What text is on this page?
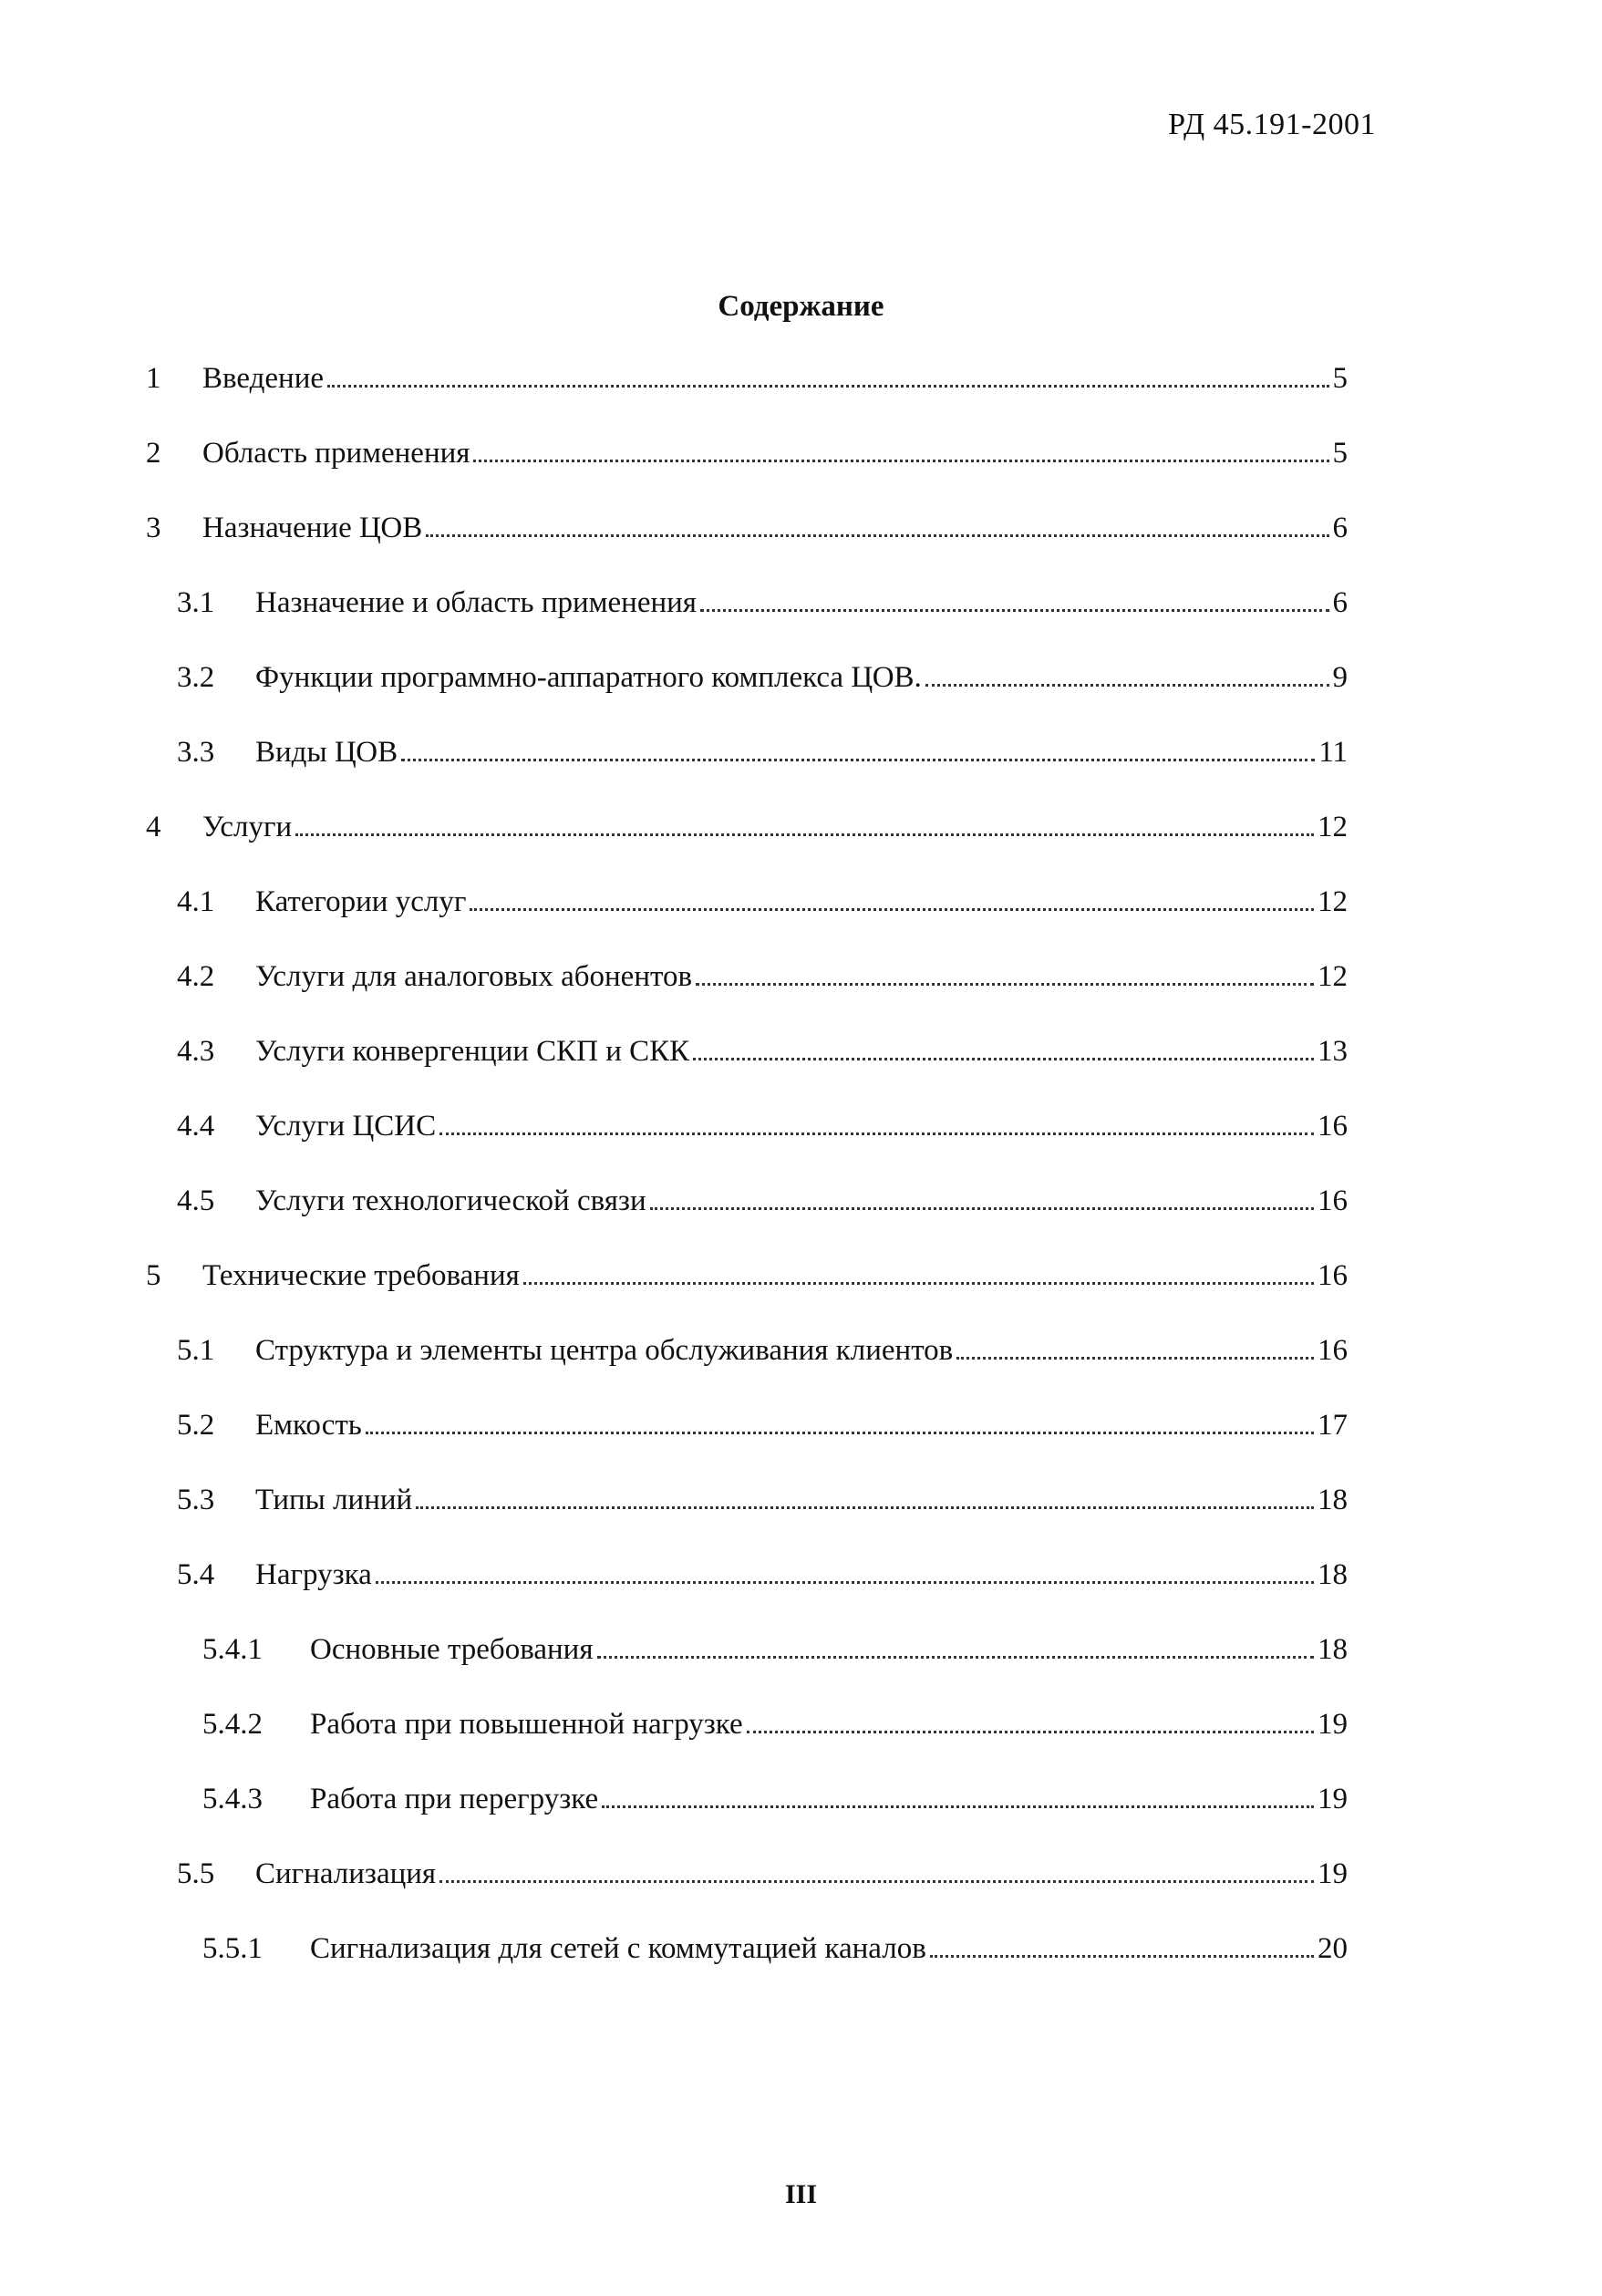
РД 45.191-2001
Содержание
1	Введение	5
2	Область применения	5
3	Назначение ЦОВ	6
3.1	Назначение и область применения	6
3.2	Функции программно-аппаратного комплекса ЦОВ.	9
3.3	Виды ЦОВ	11
4	Услуги	12
4.1	Категории услуг	12
4.2	Услуги для аналоговых абонентов	12
4.3	Услуги конвергенции СКП и СКК	13
4.4	Услуги ЦСИС	16
4.5	Услуги технологической связи	16
5	Технические требования	16
5.1	Структура и элементы центра обслуживания клиентов	16
5.2	Емкость	17
5.3	Типы линий	18
5.4	Нагрузка	18
5.4.1	Основные требования	18
5.4.2	Работа при повышенной нагрузке	19
5.4.3	Работа при перегрузке	19
5.5	Сигнализация	19
5.5.1	Сигнализация для сетей с коммутацией каналов	20
III
